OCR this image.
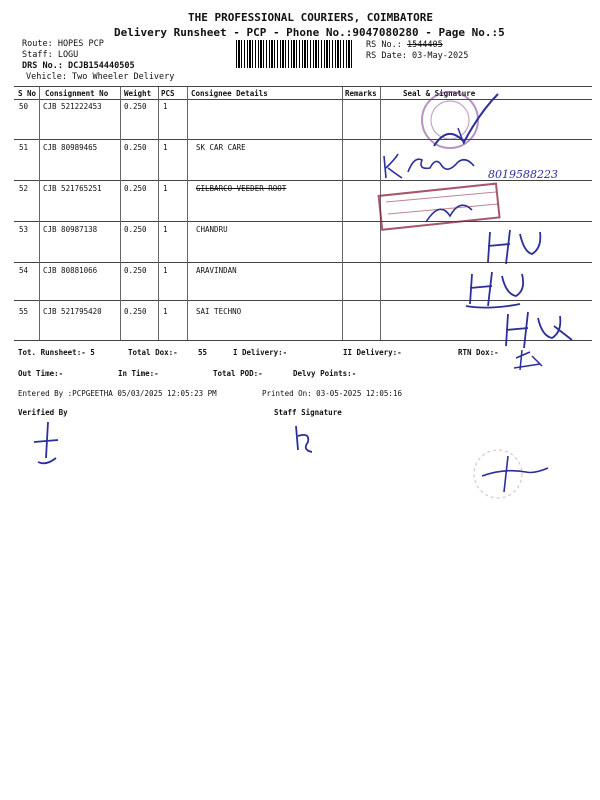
THE PROFESSIONAL COURIERS, COIMBATORE
Delivery Runsheet - PCP - Phone No.:9047080280 - Page No.:5
Route: HOPES PCP
Staff: LOGU
DRS No.: DCJB154440505
Vehicle: Two Wheeler Delivery
RS No.: 1544405
RS Date: 03-May-2025
S No Consignment No Weight PCS Consignee Details	Remarks	Seal & Signature
50 CJB 521222453	0.250 1
51 CJB 80989465	0.250 1	SK CAR CARE
52 CJB 521765251	0.250 1	GILBARCO VEEDER ROOT
53 CJB 80987138	0.250 1	CHANDRU
54 CJB 80881066	0.250 1	ARAVINDAN
55 CJB 521795420	0.250 1	SAI TECHNO
Tot. Runsheet:- 5	Total Dox:-	55	I Delivery:-	II Delivery:-	RTN Dox:-
Out Time:-	In Time:-	Total POD:-	Delvy Points:-
Entered By :PCPGEETHA 05/03/2025 12:05:23 PM	Printed On: 03-05-2025 12:05:16
Verified By	Staff Signature
8019588223
